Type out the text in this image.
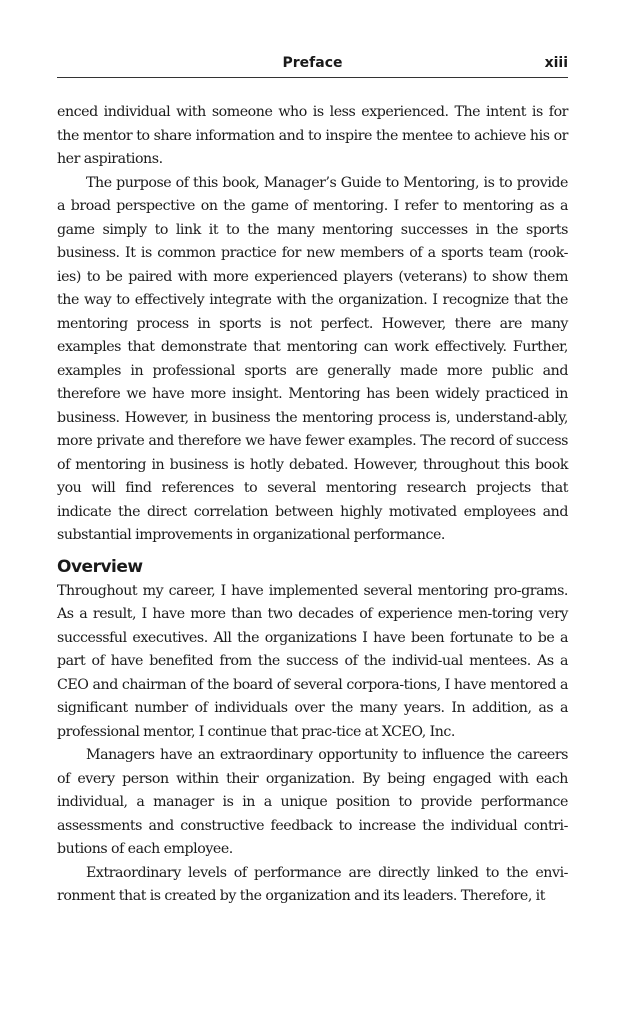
Preface	xiii

enced individual with someone who is less experienced. The intent is for the mentor to share information and to inspire the mentee to achieve his or her aspirations.

The purpose of this book, Manager’s Guide to Mentoring, is to provide a broad perspective on the game of mentoring. I refer to mentoring as a game simply to link it to the many mentoring successes in the sports business. It is common practice for new members of a sports team (rook-ies) to be paired with more experienced players (veterans) to show them the way to effectively integrate with the organization. I recognize that the mentoring process in sports is not perfect. However, there are many examples that demonstrate that mentoring can work effectively. Further, examples in professional sports are generally made more public and therefore we have more insight. Mentoring has been widely practiced in business. However, in business the mentoring process is, understand-ably, more private and therefore we have fewer examples. The record of success of mentoring in business is hotly debated. However, throughout this book you will find references to several mentoring research projects that indicate the direct correlation between highly motivated employees and substantial improvements in organizational performance.

Overview

Throughout my career, I have implemented several mentoring pro-grams. As a result, I have more than two decades of experience men-toring very successful executives. All the organizations I have been fortunate to be a part of have benefited from the success of the individ-ual mentees. As a CEO and chairman of the board of several corpora-tions, I have mentored a significant number of individuals over the many years. In addition, as a professional mentor, I continue that prac-tice at XCEO, Inc.

Managers have an extraordinary opportunity to influence the careers of every person within their organization. By being engaged with each individual, a manager is in a unique position to provide performance assessments and constructive feedback to increase the individual contri-butions of each employee.

Extraordinary levels of performance are directly linked to the envi-ronment that is created by the organization and its leaders. Therefore, it
